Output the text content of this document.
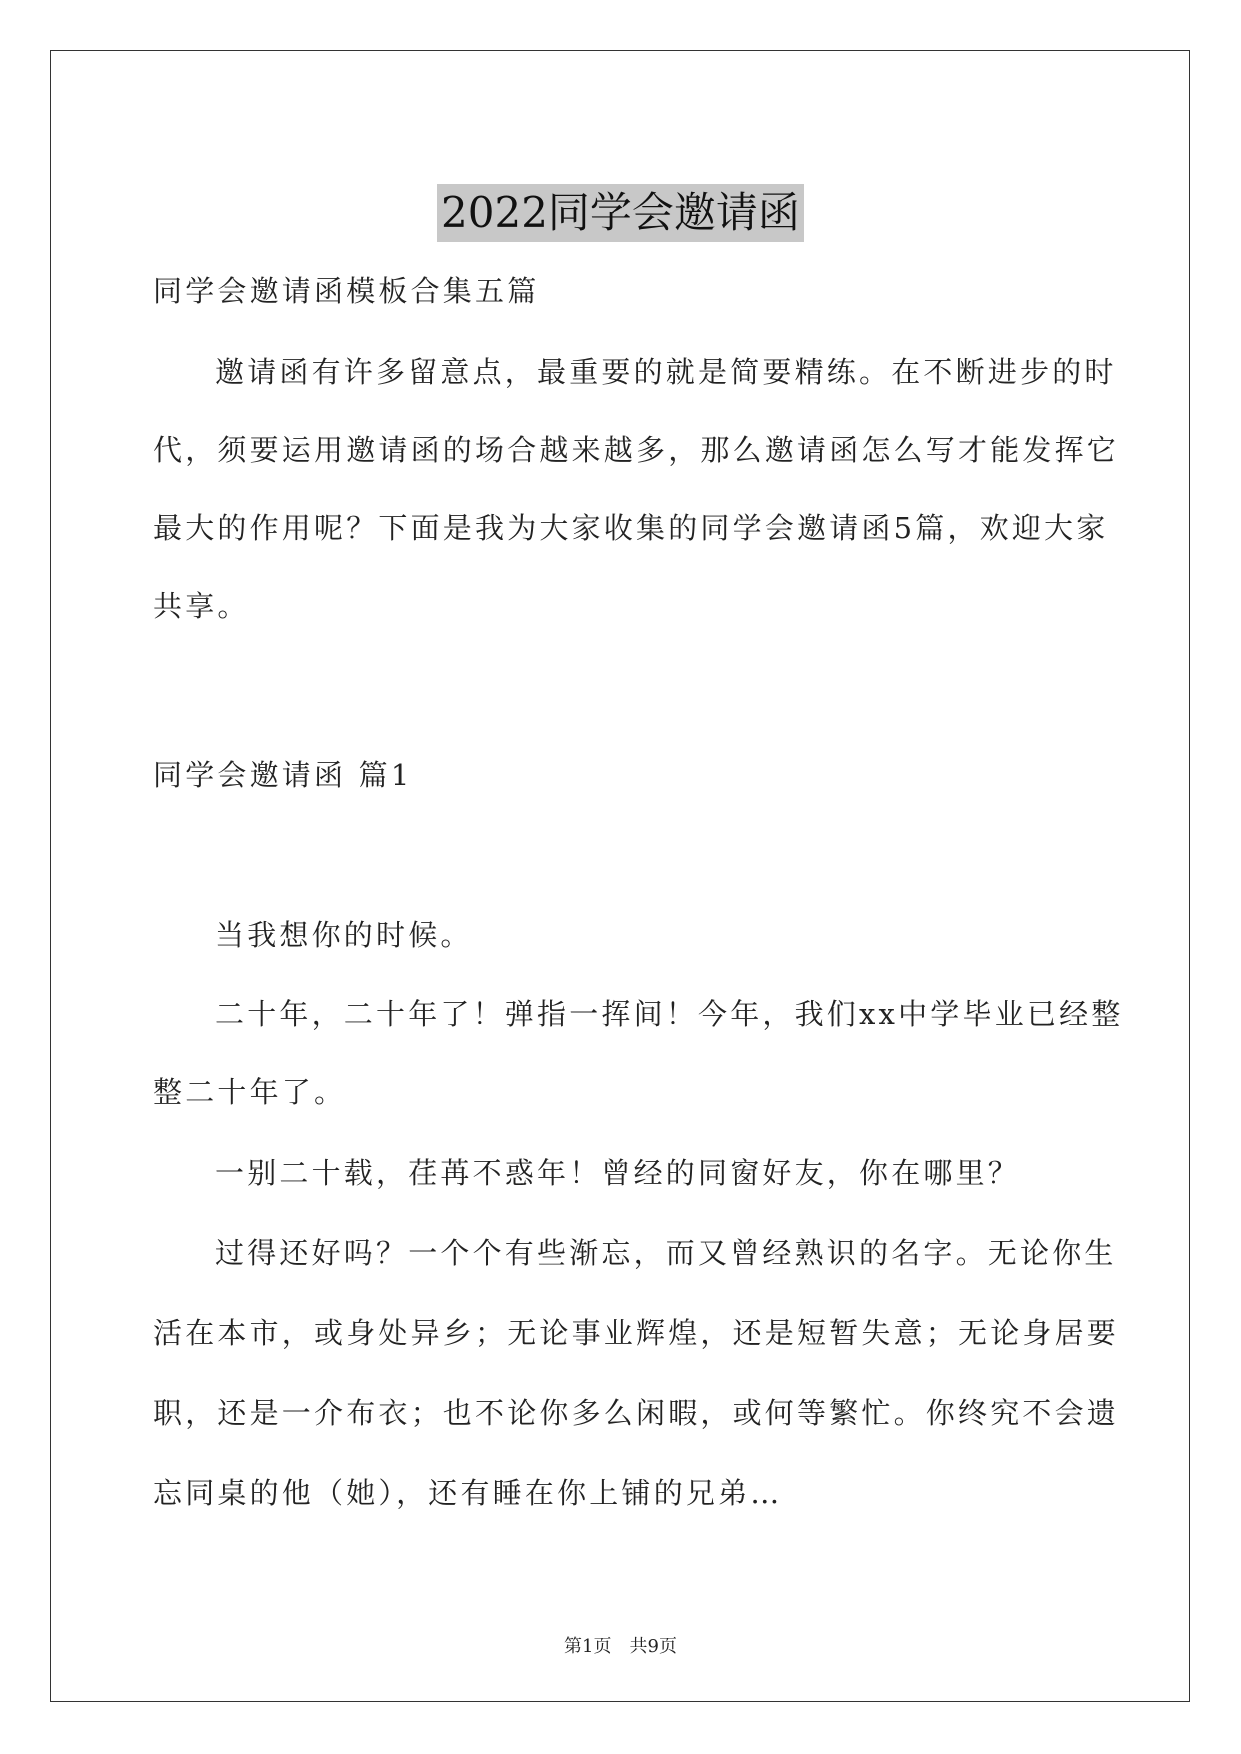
2022同学会邀请函

同学会邀请函模板合集五篇

邀请函有许多留意点，最重要的就是简要精练。在不断进步的时

代，须要运用邀请函的场合越来越多，那么邀请函怎么写才能发挥它

最大的作用呢？下面是我为大家收集的同学会邀请函5篇，欢迎大家

共享。

同学会邀请函 篇1

当我想你的时候。

二十年，二十年了！弹指一挥间！今年，我们xx中学毕业已经整

整二十年了。

一别二十载，荏苒不惑年！曾经的同窗好友，你在哪里？

过得还好吗？一个个有些渐忘，而又曾经熟识的名字。无论你生

活在本市，或身处异乡；无论事业辉煌，还是短暂失意；无论身居要

职，还是一介布衣；也不论你多么闲暇，或何等繁忙。你终究不会遗

忘同桌的他（她），还有睡在你上铺的兄弟…

第1页　共9页
